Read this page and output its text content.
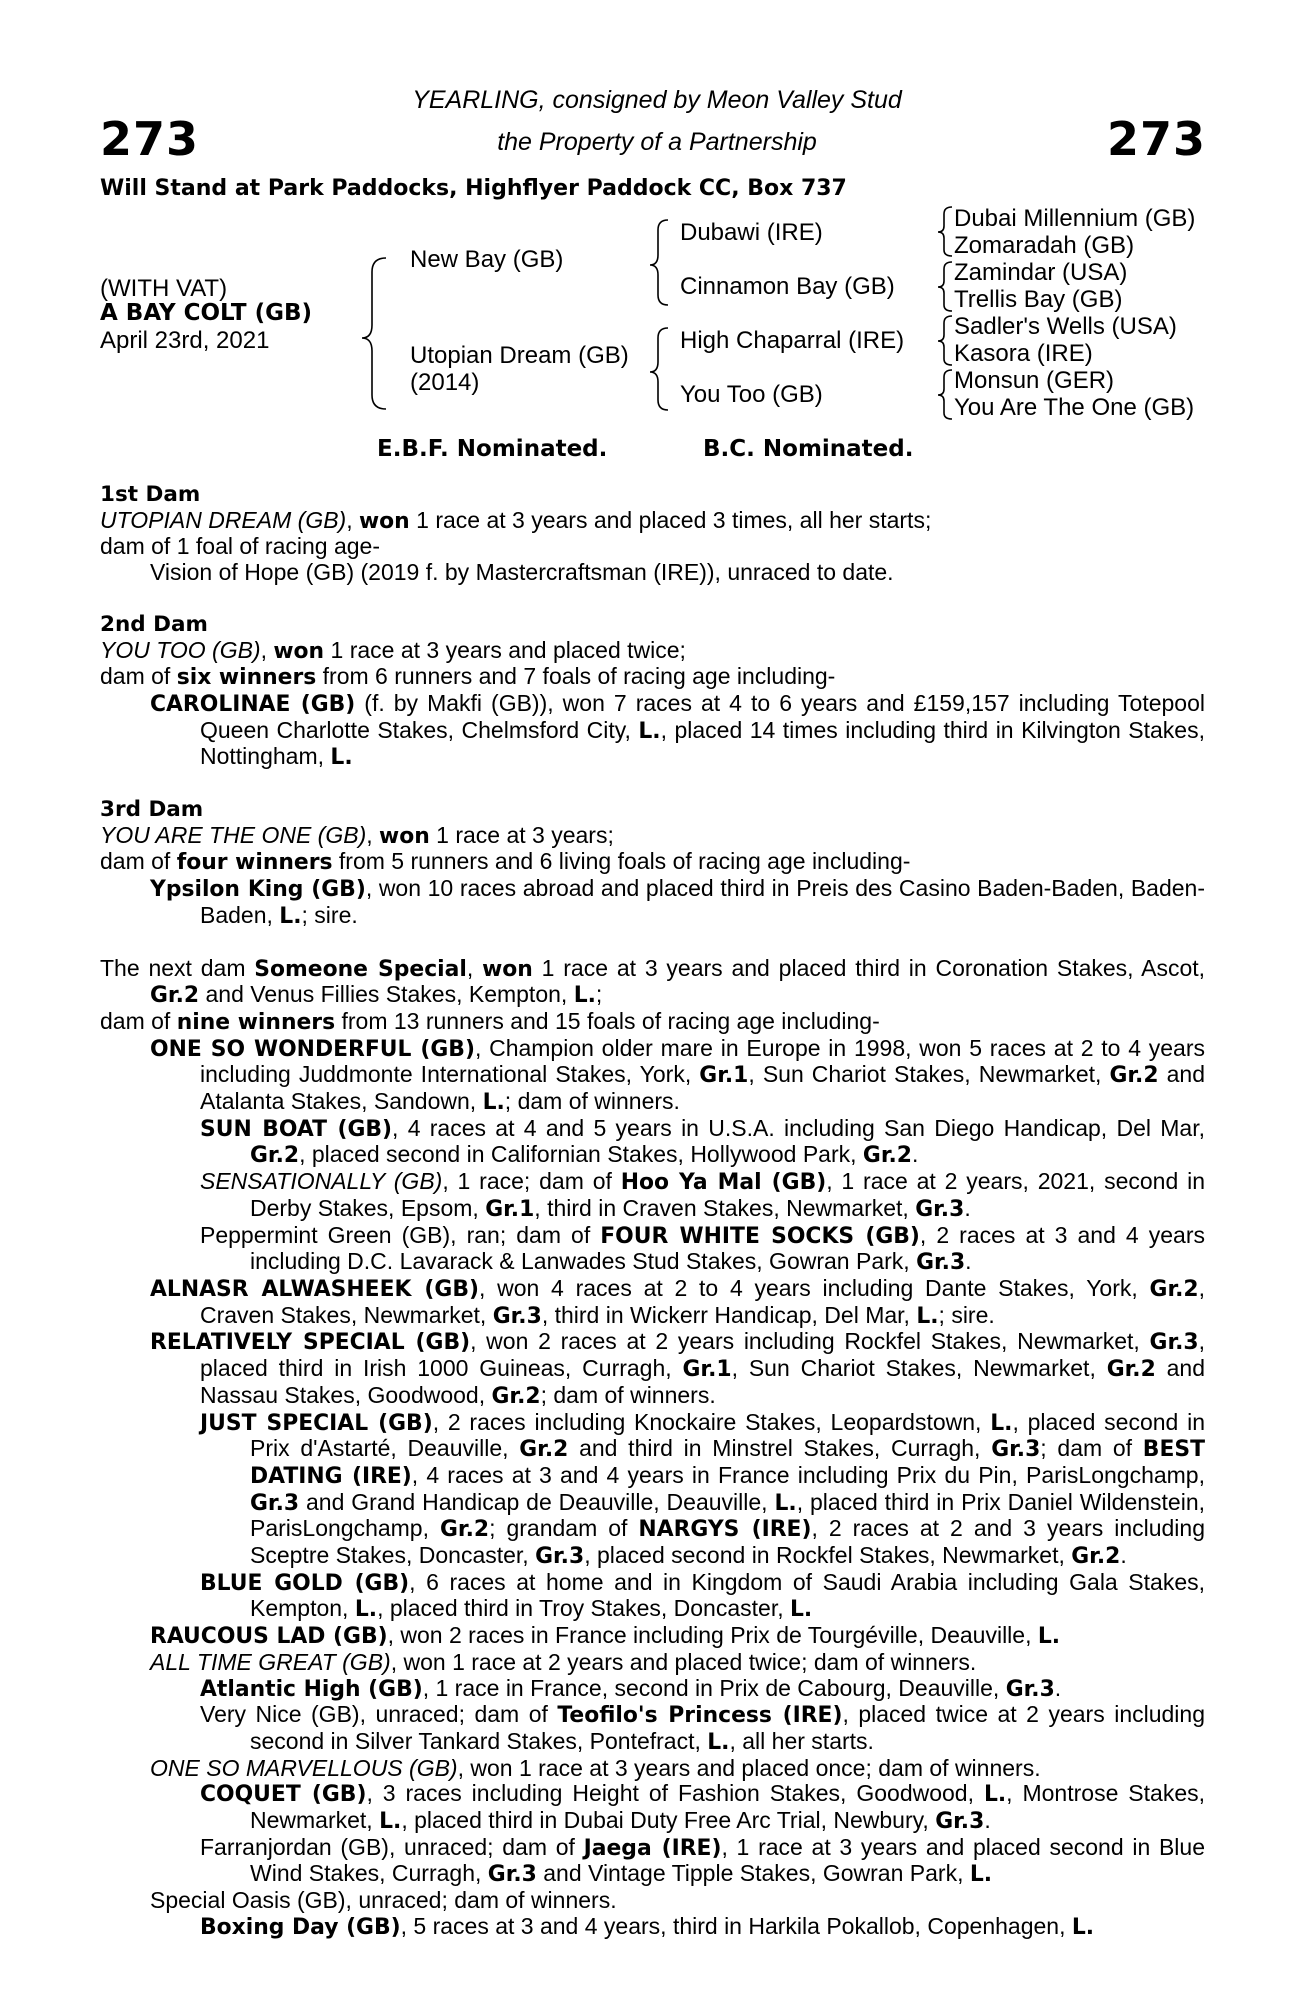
273	273
YEARLING, consigned by Meon Valley Stud
the Property of a Partnership
Will Stand at Park Paddocks, Highflyer Paddock CC, Box 737
(WITH VAT)
A BAY COLT (GB)
April 23rd, 2021
New Bay (GB)
Utopian Dream (GB)
(2014)
Dubawi (IRE)
Cinnamon Bay (GB)
High Chaparral (IRE)
You Too (GB)
Dubai Millennium (GB)
Zomaradah (GB)
Zamindar (USA)
Trellis Bay (GB)
Sadler's Wells (USA)
Kasora (IRE)
Monsun (GER)
You Are The One (GB)
E.B.F. Nominated.	B.C. Nominated.
1st Dam
UTOPIAN DREAM (GB), won 1 race at 3 years and placed 3 times, all her starts;
dam of 1 foal of racing age-
Vision of Hope (GB) (2019 f. by Mastercraftsman (IRE)), unraced to date.
2nd Dam
YOU TOO (GB), won 1 race at 3 years and placed twice;
dam of six winners from 6 runners and 7 foals of racing age including-
CAROLINAE (GB) (f. by Makfi (GB)), won 7 races at 4 to 6 years and £159,157 including Totepool Queen Charlotte Stakes, Chelmsford City, L., placed 14 times including third in Kilvington Stakes, Nottingham, L.
3rd Dam
YOU ARE THE ONE (GB), won 1 race at 3 years;
dam of four winners from 5 runners and 6 living foals of racing age including-
Ypsilon King (GB), won 10 races abroad and placed third in Preis des Casino Baden-Baden, Baden-Baden, L.; sire.
The next dam Someone Special, won 1 race at 3 years and placed third in Coronation Stakes, Ascot, Gr.2 and Venus Fillies Stakes, Kempton, L.;
dam of nine winners from 13 runners and 15 foals of racing age including-
ONE SO WONDERFUL (GB), Champion older mare in Europe in 1998, won 5 races at 2 to 4 years including Juddmonte International Stakes, York, Gr.1, Sun Chariot Stakes, Newmarket, Gr.2 and Atalanta Stakes, Sandown, L.; dam of winners.
SUN BOAT (GB), 4 races at 4 and 5 years in U.S.A. including San Diego Handicap, Del Mar, Gr.2, placed second in Californian Stakes, Hollywood Park, Gr.2.
SENSATIONALLY (GB), 1 race; dam of Hoo Ya Mal (GB), 1 race at 2 years, 2021, second in Derby Stakes, Epsom, Gr.1, third in Craven Stakes, Newmarket, Gr.3.
Peppermint Green (GB), ran; dam of FOUR WHITE SOCKS (GB), 2 races at 3 and 4 years including D.C. Lavarack & Lanwades Stud Stakes, Gowran Park, Gr.3.
ALNASR ALWASHEEK (GB), won 4 races at 2 to 4 years including Dante Stakes, York, Gr.2, Craven Stakes, Newmarket, Gr.3, third in Wickerr Handicap, Del Mar, L.; sire.
RELATIVELY SPECIAL (GB), won 2 races at 2 years including Rockfel Stakes, Newmarket, Gr.3, placed third in Irish 1000 Guineas, Curragh, Gr.1, Sun Chariot Stakes, Newmarket, Gr.2 and Nassau Stakes, Goodwood, Gr.2; dam of winners.
JUST SPECIAL (GB), 2 races including Knockaire Stakes, Leopardstown, L., placed second in Prix d'Astarté, Deauville, Gr.2 and third in Minstrel Stakes, Curragh, Gr.3; dam of BEST DATING (IRE), 4 races at 3 and 4 years in France including Prix du Pin, ParisLongchamp, Gr.3 and Grand Handicap de Deauville, Deauville, L., placed third in Prix Daniel Wildenstein, ParisLongchamp, Gr.2; grandam of NARGYS (IRE), 2 races at 2 and 3 years including Sceptre Stakes, Doncaster, Gr.3, placed second in Rockfel Stakes, Newmarket, Gr.2.
BLUE GOLD (GB), 6 races at home and in Kingdom of Saudi Arabia including Gala Stakes, Kempton, L., placed third in Troy Stakes, Doncaster, L.
RAUCOUS LAD (GB), won 2 races in France including Prix de Tourgéville, Deauville, L.
ALL TIME GREAT (GB), won 1 race at 2 years and placed twice; dam of winners.
Atlantic High (GB), 1 race in France, second in Prix de Cabourg, Deauville, Gr.3.
Very Nice (GB), unraced; dam of Teofilo's Princess (IRE), placed twice at 2 years including second in Silver Tankard Stakes, Pontefract, L., all her starts.
ONE SO MARVELLOUS (GB), won 1 race at 3 years and placed once; dam of winners.
COQUET (GB), 3 races including Height of Fashion Stakes, Goodwood, L., Montrose Stakes, Newmarket, L., placed third in Dubai Duty Free Arc Trial, Newbury, Gr.3.
Farranjordan (GB), unraced; dam of Jaega (IRE), 1 race at 3 years and placed second in Blue Wind Stakes, Curragh, Gr.3 and Vintage Tipple Stakes, Gowran Park, L.
Special Oasis (GB), unraced; dam of winners.
Boxing Day (GB), 5 races at 3 and 4 years, third in Harkila Pokallob, Copenhagen, L.
